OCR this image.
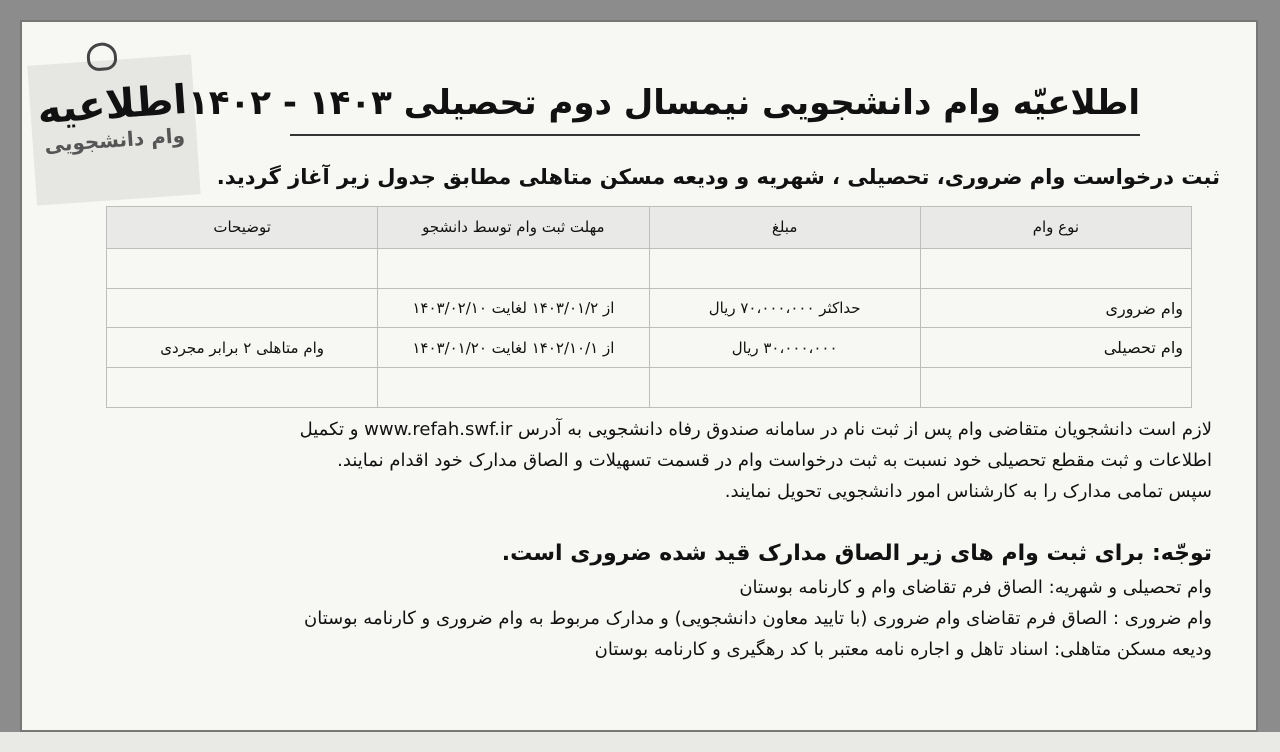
اطلاعیه
وام دانشجویی
اطلاعیّه وام دانشجویی نیمسال دوم تحصیلی ۱۴۰۳ - ۱۴۰۲
ثبت درخواست وام ضروری، تحصیلی ، شهریه و ودیعه مسکن متاهلی مطابق جدول زیر آغاز گردید.
نوع وام	مبلغ	مهلت ثبت وام توسط دانشجو	توضیحات

وام ضروری	حداکثر ۷۰،۰۰۰،۰۰۰ ریال	از ۱۴۰۳/۰۱/۲ لغایت ۱۴۰۳/۰۲/۱۰	
وام تحصیلی	۳۰،۰۰۰،۰۰۰ ریال	از ۱۴۰۲/۱۰/۱ لغایت ۱۴۰۳/۰۱/۲۰	وام متاهلی ۲ برابر مجردی

لازم است دانشجویان متقاضی وام پس از ثبت نام در سامانه صندوق رفاه دانشجویی به آدرس www.refah.swf.ir و تکمیل

اطلاعات و ثبت مقطع تحصیلی خود نسبت به ثبت درخواست وام در قسمت تسهیلات و الصاق مدارک خود اقدام نمایند.

سپس تمامی مدارک را به کارشناس امور دانشجویی تحویل نمایند.

توجّه: برای ثبت وام های زیر الصاق مدارک قید شده ضروری است.

وام تحصیلی و شهریه: الصاق فرم تقاضای وام و کارنامه بوستان

وام ضروری : الصاق فرم تقاضای وام ضروری (با تایید معاون دانشجویی) و مدارک مربوط به وام ضروری و کارنامه بوستان

ودیعه مسکن متاهلی: اسناد تاهل و اجاره نامه معتبر با کد رهگیری و کارنامه بوستان
